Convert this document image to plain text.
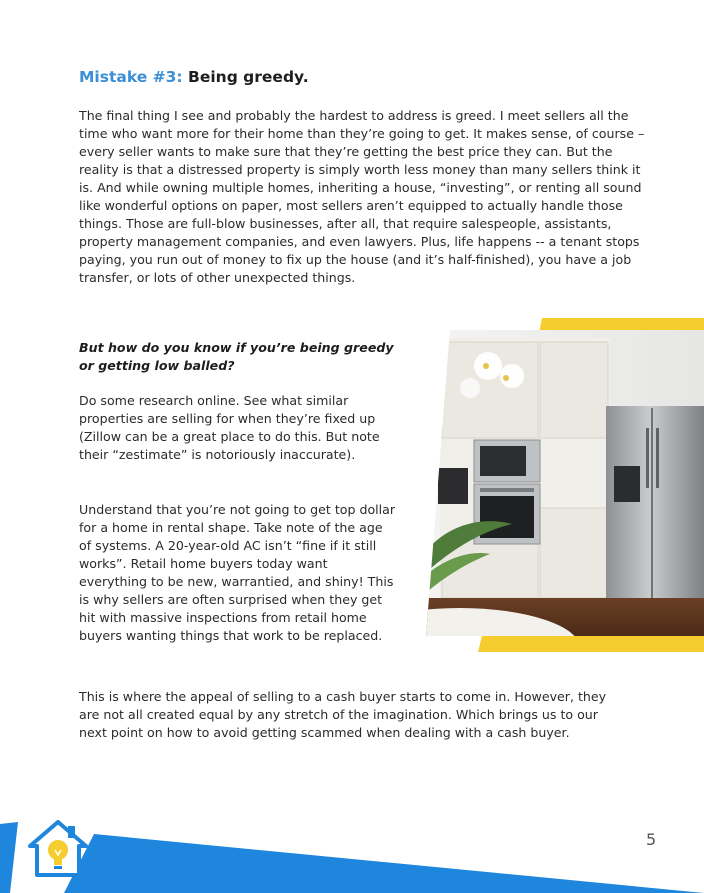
Mistake #3: Being greedy.

The final thing I see and probably the hardest to address is greed. I meet sellers all the time who want more for their home than they’re going to get. It makes sense, of course – every seller wants to make sure that they’re getting the best price they can. But the reality is that a distressed property is simply worth less money than many sellers think it is. And while owning multiple homes, inheriting a house, “investing”, or renting all sound like wonderful options on paper, most sellers aren’t equipped to actually handle those things. Those are full-blow businesses, after all, that require salespeople, assistants, property management companies, and even lawyers. Plus, life happens -- a tenant stops paying, you run out of money to fix up the house (and it’s half-finished), you have a job transfer, or lots of other unexpected things.

But how do you know if you’re being greedy or getting low balled?

Do some research online. See what similar properties are selling for when they’re fixed up (Zillow can be a great place to do this. But note their “zestimate” is notoriously inaccurate).

Understand that you’re not going to get top dollar for a home in rental shape. Take note of the age of systems. A 20-year-old AC isn’t “fine if it still works”. Retail home buyers today want everything to be new, warrantied, and shiny! This is why sellers are often surprised when they get hit with massive inspections from retail home buyers wanting things that work to be replaced.

This is where the appeal of selling to a cash buyer starts to come in. However, they are not all created equal by any stretch of the imagination. Which brings us to our next point on how to avoid getting scammed when dealing with a cash buyer.

5
